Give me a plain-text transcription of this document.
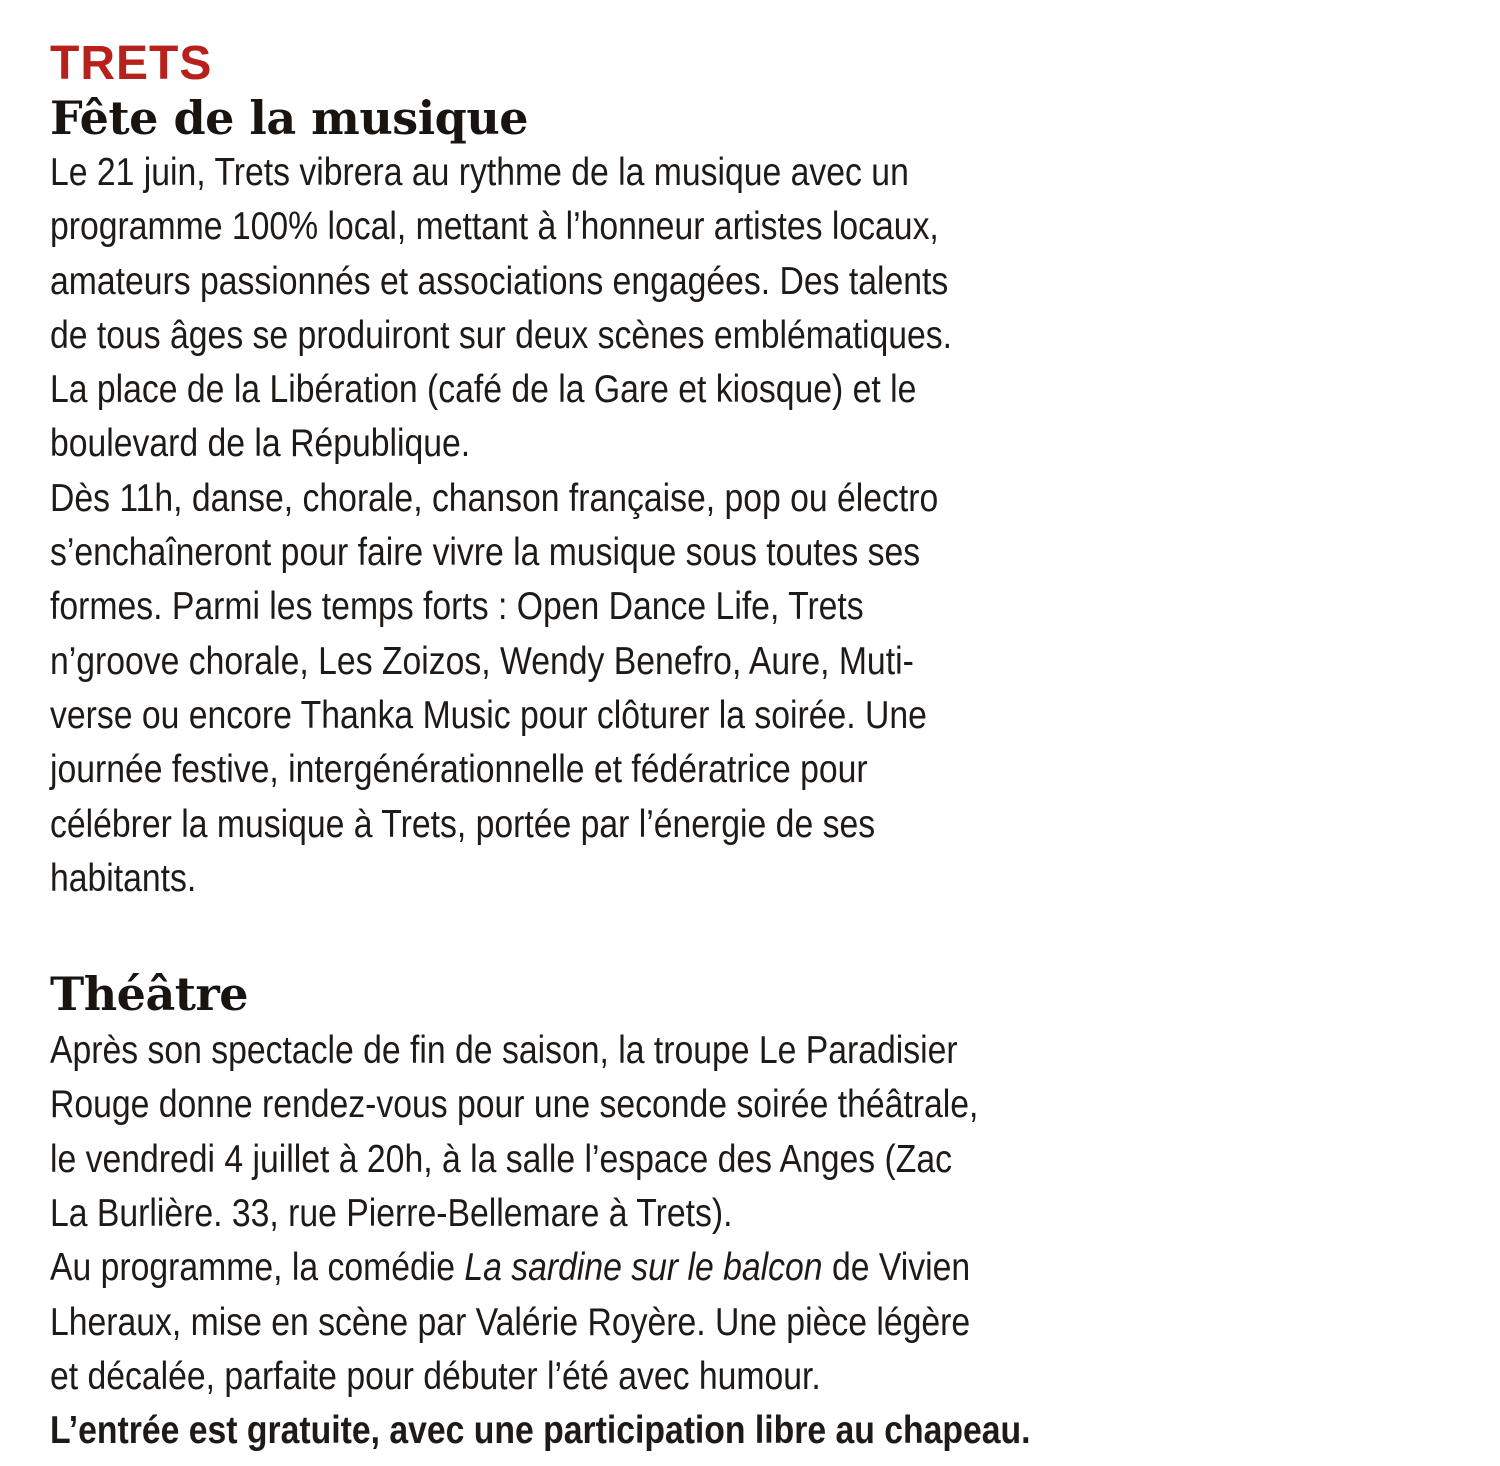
TRETS
Fête de la musique

Le 21 juin, Trets vibrera au rythme de la musique avec un
programme 100% local, mettant à l’honneur artistes locaux,
amateurs passionnés et associations engagées. Des talents
de tous âges se produiront sur deux scènes emblématiques.
La place de la Libération (café de la Gare et kiosque) et le
boulevard de la République.
Dès 11h, danse, chorale, chanson française, pop ou électro
s’enchaîneront pour faire vivre la musique sous toutes ses
formes. Parmi les temps forts : Open Dance Life, Trets
n’groove chorale, Les Zoizos, Wendy Benefro, Aure, Muti-
verse ou encore Thanka Music pour clôturer la soirée. Une
journée festive, intergénérationnelle et fédératrice pour
célébrer la musique à Trets, portée par l’énergie de ses
habitants.

Théâtre

Après son spectacle de fin de saison, la troupe Le Paradisier
Rouge donne rendez-vous pour une seconde soirée théâtrale,
le vendredi 4 juillet à 20h, à la salle l’espace des Anges (Zac
La Burlière. 33, rue Pierre-Bellemare à Trets).
Au programme, la comédie La sardine sur le balcon de Vivien
Lheraux, mise en scène par Valérie Royère. Une pièce légère
et décalée, parfaite pour débuter l’été avec humour.
L’entrée est gratuite, avec une participation libre au chapeau.
